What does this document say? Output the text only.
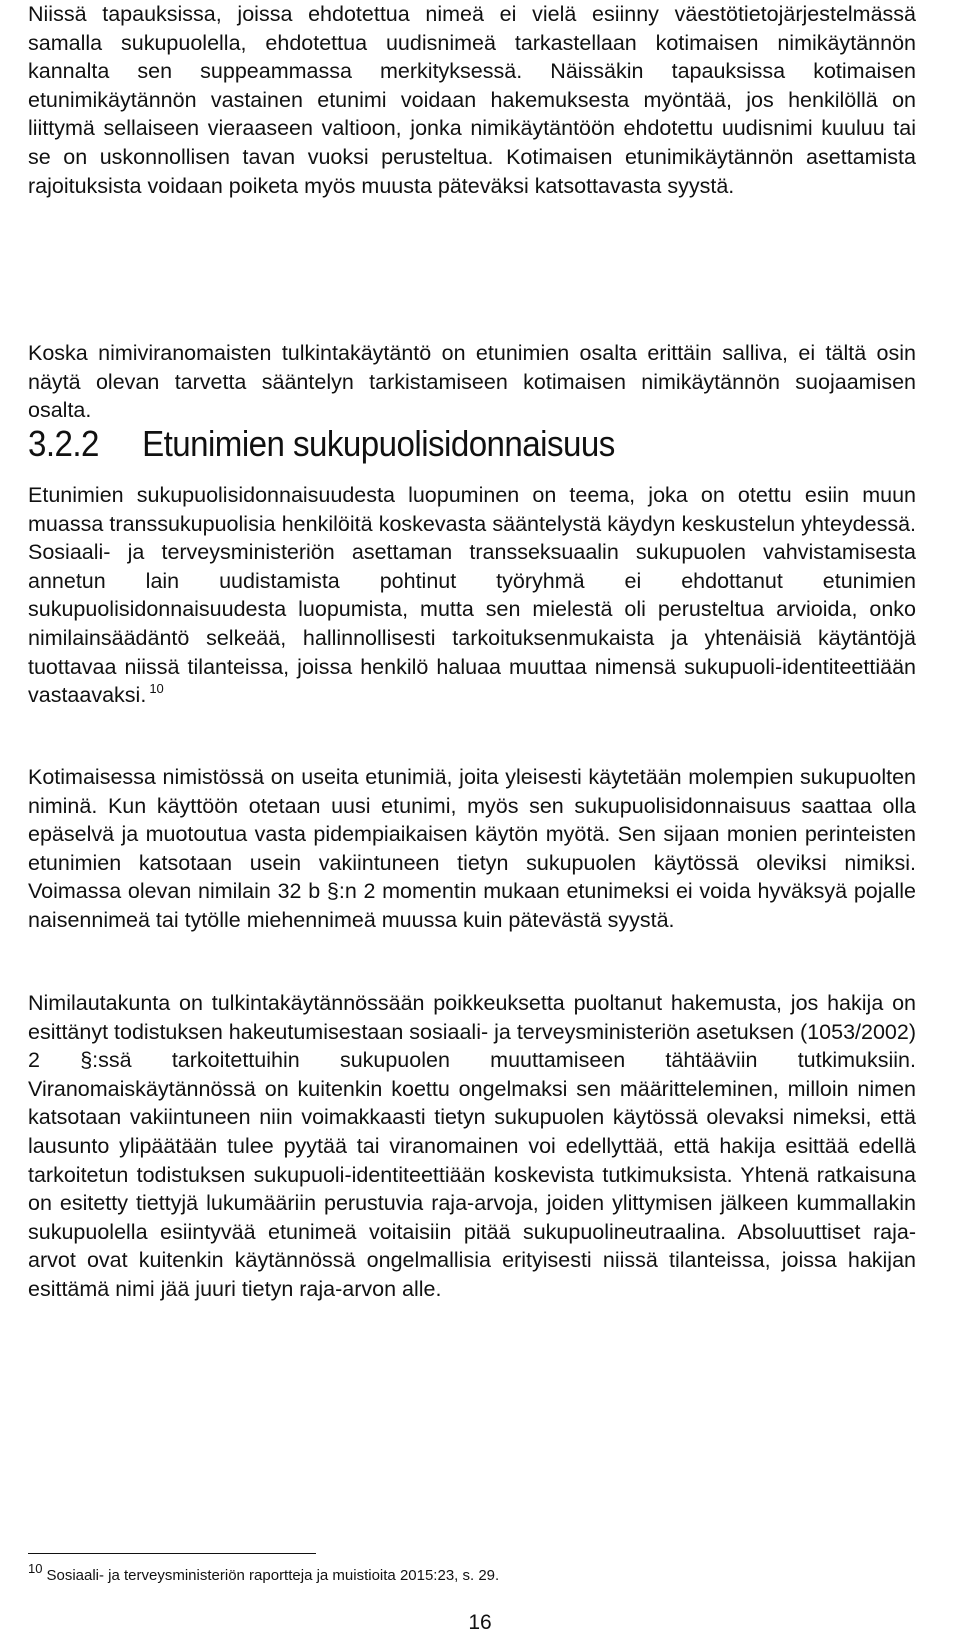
Niissä tapauksissa, joissa ehdotettua nimeä ei vielä esiinny väestötietojärjestelmässä samalla sukupuolella, ehdotettua uudisnimeä tarkastellaan kotimaisen nimikäytännön kannalta sen suppeammassa merkityksessä. Näissäkin tapauksissa kotimaisen etunimikäytännön vastainen etunimi voidaan hakemuksesta myöntää, jos henkilöllä on liittymä sellaiseen vieraaseen valtioon, jonka nimikäytäntöön ehdotettu uudisnimi kuuluu tai se on uskonnollisen tavan vuoksi perusteltua. Kotimaisen etunimikäytännön asettamista rajoituksista voidaan poiketa myös muusta päteväksi katsottavasta syystä.

Koska nimiviranomaisten tulkintakäytäntö on etunimien osalta erittäin salliva, ei tältä osin näytä olevan tarvetta sääntelyn tarkistamiseen kotimaisen nimikäytännön suojaamisen osalta.

3.2.2 Etunimien sukupuolisidonnaisuus

Etunimien sukupuolisidonnaisuudesta luopuminen on teema, joka on otettu esiin muun muassa transsukupuolisia henkilöitä koskevasta sääntelystä käydyn keskustelun yhteydessä. Sosiaali- ja terveysministeriön asettaman transseksuaalin sukupuolen vahvistamisesta annetun lain uudistamista pohtinut työryhmä ei ehdottanut etunimien sukupuolisidonnaisuudesta luopumista, mutta sen mielestä oli perusteltua arvioida, onko nimilainsäädäntö selkeää, hallinnollisesti tarkoituksenmukaista ja yhtenäisiä käytäntöjä tuottavaa niissä tilanteissa, joissa henkilö haluaa muuttaa nimensä sukupuoli-identiteettiään vastaavaksi. $^{10}$

Kotimaisessa nimistössä on useita etunimiä, joita yleisesti käytetään molempien sukupuolten niminä. Kun käyttöön otetaan uusi etunimi, myös sen sukupuolisidonnaisuus saattaa olla epäselvä ja muotoutua vasta pidempiaikaisen käytön myötä. Sen sijaan monien perinteisten etunimien katsotaan usein vakiintuneen tietyn sukupuolen käytössä oleviksi nimiksi. Voimassa olevan nimilain 32 b §:n 2 momentin mukaan etunimeksi ei voida hyväksyä pojalle naisennimeä tai tytölle miehennimeä muussa kuin pätevästä syystä.

Nimilautakunta on tulkintakäytännössään poikkeuksetta puoltanut hakemusta, jos hakija on esittänyt todistuksen hakeutumisestaan sosiaali- ja terveysministeriön asetuksen (1053/2002) 2 §:ssä tarkoitettuihin sukupuolen muuttamiseen tähtääviin tutkimuksiin. Viranomaiskäytännössä on kuitenkin koettu ongelmaksi sen määritteleminen, milloin nimen katsotaan vakiintuneen niin voimakkaasti tietyn sukupuolen käytössä olevaksi nimeksi, että lausunto ylipäätään tulee pyytää tai viranomainen voi edellyttää, että hakija esittää edellä tarkoitetun todistuksen sukupuoli-identiteettiään koskevista tutkimuksista. Yhtenä ratkaisuna on esitetty tiettyjä lukumääriin perustuvia raja-arvoja, joiden ylittymisen jälkeen kummallakin sukupuolella esiintyvää etunimeä voitaisiin pitää sukupuolineutraalina. Absoluuttiset raja-arvot ovat kuitenkin käytännössä ongelmallisia erityisesti niissä tilanteissa, joissa hakijan esittämä nimi jää juuri tietyn raja-arvon alle.

$^{10}$ Sosiaali- ja terveysministeriön raportteja ja muistioita 2015:23, s. 29.

16
